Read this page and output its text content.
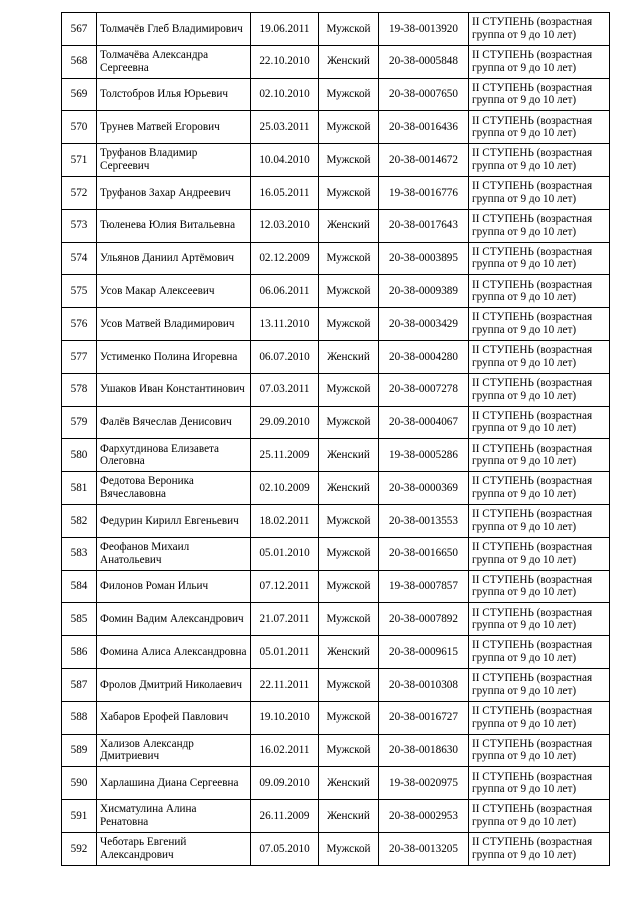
567	Толмачёв Глеб Владимирович	19.06.2011	Мужской	19-38-0013920	II СТУПЕНЬ (возрастная группа от 9 до 10 лет)
568	Толмачёва Александра Сергеевна	22.10.2010	Женский	20-38-0005848	II СТУПЕНЬ (возрастная группа от 9 до 10 лет)
569	Толстобров Илья Юрьевич	02.10.2010	Мужской	20-38-0007650	II СТУПЕНЬ (возрастная группа от 9 до 10 лет)
570	Трунев Матвей Егорович	25.03.2011	Мужской	20-38-0016436	II СТУПЕНЬ (возрастная группа от 9 до 10 лет)
571	Труфанов Владимир Сергеевич	10.04.2010	Мужской	20-38-0014672	II СТУПЕНЬ (возрастная группа от 9 до 10 лет)
572	Труфанов Захар Андреевич	16.05.2011	Мужской	19-38-0016776	II СТУПЕНЬ (возрастная группа от 9 до 10 лет)
573	Тюленева Юлия Витальевна	12.03.2010	Женский	20-38-0017643	II СТУПЕНЬ (возрастная группа от 9 до 10 лет)
574	Ульянов Даниил Артёмович	02.12.2009	Мужской	20-38-0003895	II СТУПЕНЬ (возрастная группа от 9 до 10 лет)
575	Усов Макар Алексеевич	06.06.2011	Мужской	20-38-0009389	II СТУПЕНЬ (возрастная группа от 9 до 10 лет)
576	Усов Матвей Владимирович	13.11.2010	Мужской	20-38-0003429	II СТУПЕНЬ (возрастная группа от 9 до 10 лет)
577	Устименко Полина Игоревна	06.07.2010	Женский	20-38-0004280	II СТУПЕНЬ (возрастная группа от 9 до 10 лет)
578	Ушаков Иван Константинович	07.03.2011	Мужской	20-38-0007278	II СТУПЕНЬ (возрастная группа от 9 до 10 лет)
579	Фалёв Вячеслав Денисович	29.09.2010	Мужской	20-38-0004067	II СТУПЕНЬ (возрастная группа от 9 до 10 лет)
580	Фархутдинова Елизавета Олеговна	25.11.2009	Женский	19-38-0005286	II СТУПЕНЬ (возрастная группа от 9 до 10 лет)
581	Федотова Вероника Вячеславовна	02.10.2009	Женский	20-38-0000369	II СТУПЕНЬ (возрастная группа от 9 до 10 лет)
582	Федурин Кирилл Евгеньевич	18.02.2011	Мужской	20-38-0013553	II СТУПЕНЬ (возрастная группа от 9 до 10 лет)
583	Феофанов Михаил Анатольевич	05.01.2010	Мужской	20-38-0016650	II СТУПЕНЬ (возрастная группа от 9 до 10 лет)
584	Филонов Роман Ильич	07.12.2011	Мужской	19-38-0007857	II СТУПЕНЬ (возрастная группа от 9 до 10 лет)
585	Фомин Вадим Александрович	21.07.2011	Мужской	20-38-0007892	II СТУПЕНЬ (возрастная группа от 9 до 10 лет)
586	Фомина Алиса Александровна	05.01.2011	Женский	20-38-0009615	II СТУПЕНЬ (возрастная группа от 9 до 10 лет)
587	Фролов Дмитрий Николаевич	22.11.2011	Мужской	20-38-0010308	II СТУПЕНЬ (возрастная группа от 9 до 10 лет)
588	Хабаров Ерофей Павлович	19.10.2010	Мужской	20-38-0016727	II СТУПЕНЬ (возрастная группа от 9 до 10 лет)
589	Хализов Александр Дмитриевич	16.02.2011	Мужской	20-38-0018630	II СТУПЕНЬ (возрастная группа от 9 до 10 лет)
590	Харлашина Диана Сергеевна	09.09.2010	Женский	19-38-0020975	II СТУПЕНЬ (возрастная группа от 9 до 10 лет)
591	Хисматулина Алина Ренатовна	26.11.2009	Женский	20-38-0002953	II СТУПЕНЬ (возрастная группа от 9 до 10 лет)
592	Чеботарь Евгений Александрович	07.05.2010	Мужской	20-38-0013205	II СТУПЕНЬ (возрастная группа от 9 до 10 лет)
